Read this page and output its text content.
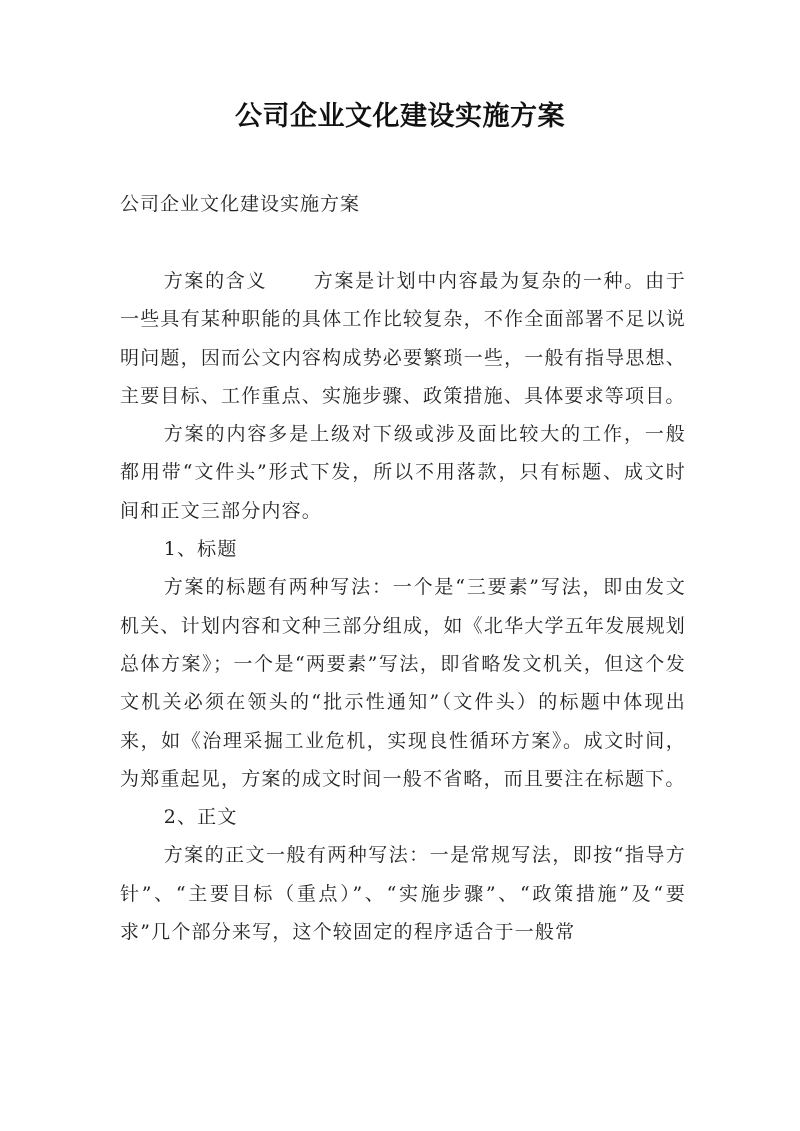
公司企业文化建设实施方案
公司企业文化建设实施方案

方案的含义 方案是计划中内容最为复杂的一种。由于一些具有某种职能的具体工作比较复杂，不作全面部署不足以说明问题，因而公文内容构成势必要繁琐一些，一般有指导思想、主要目标、工作重点、实施步骤、政策措施、具体要求等项目。

方案的内容多是上级对下级或涉及面比较大的工作，一般都用带“文件头”形式下发，所以不用落款，只有标题、成文时间和正文三部分内容。

1、标题

方案的标题有两种写法：一个是“三要素”写法，即由发文机关、计划内容和文种三部分组成，如《北华大学五年发展规划总体方案》；一个是“两要素”写法，即省略发文机关，但这个发文机关必须在领头的“批示性通知”（文件头）的标题中体现出来，如《治理采掘工业危机，实现良性循环方案》。成文时间，为郑重起见，方案的成文时间一般不省略，而且要注在标题下。

2、正文

方案的正文一般有两种写法：一是常规写法，即按“指导方针”、“主要目标（重点）”、“实施步骤”、“政策措施”及“要求”几个部分来写，这个较固定的程序适合于一般常
